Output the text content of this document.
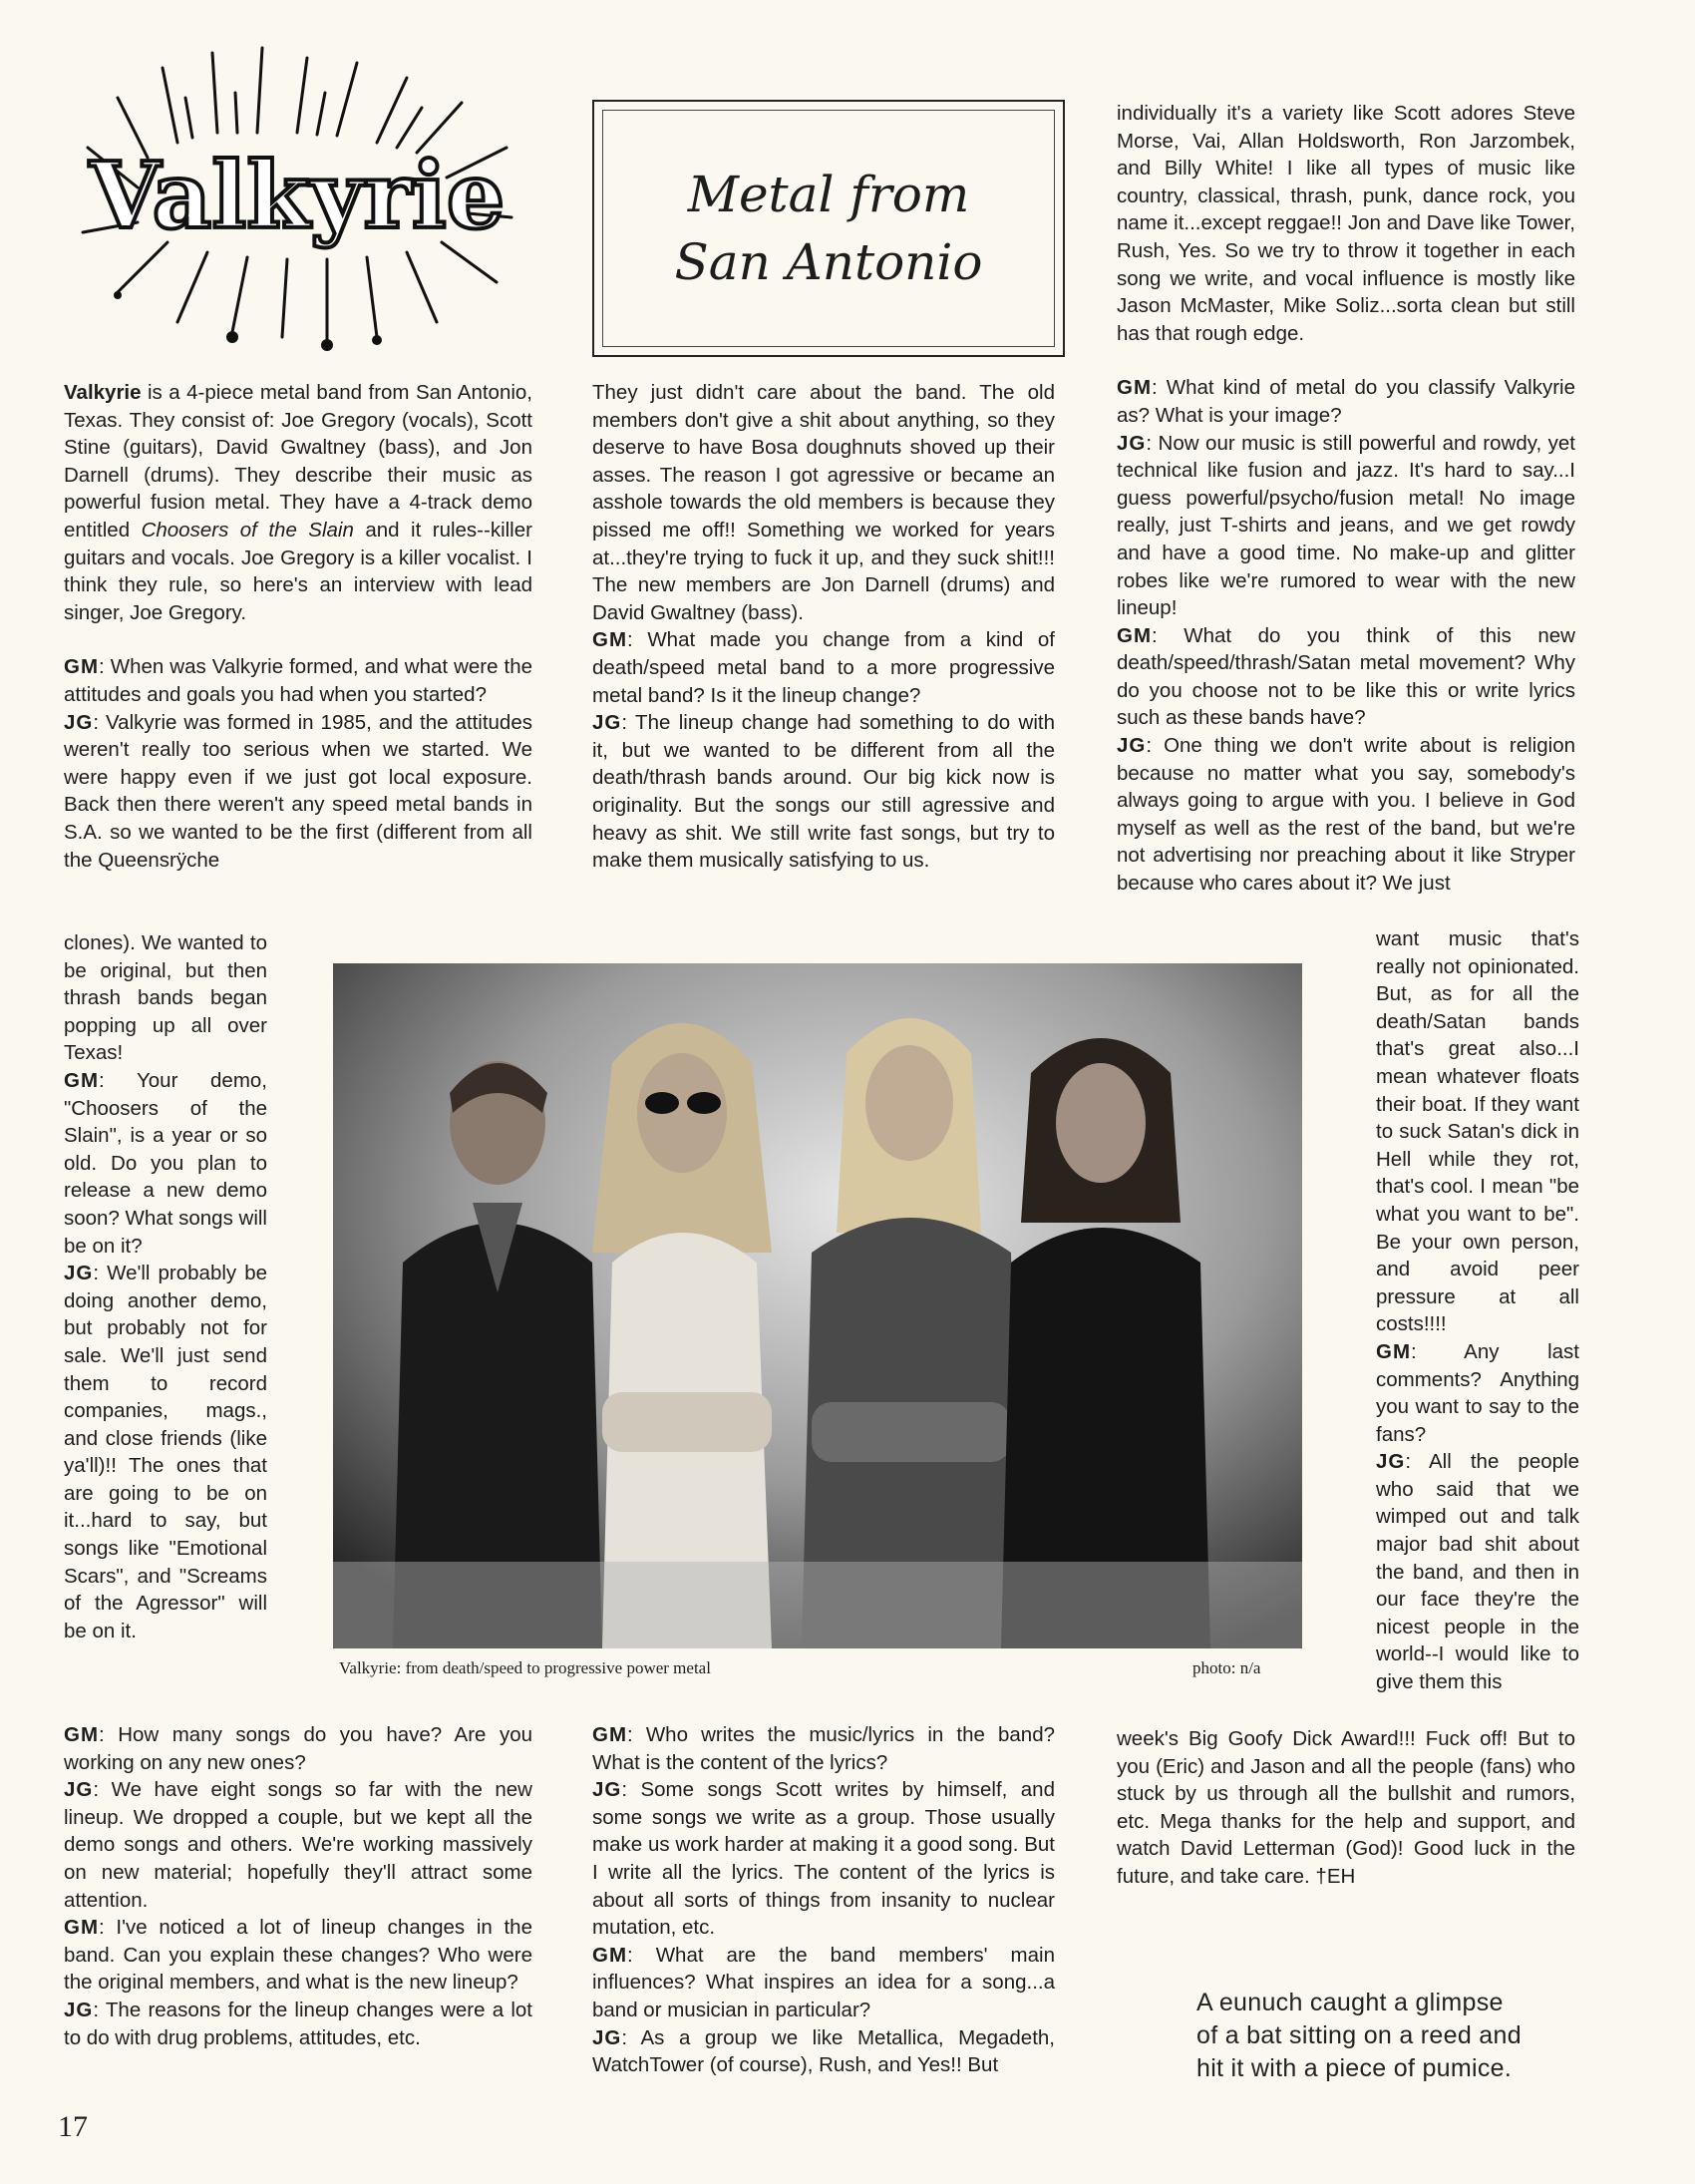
Valkyrie	Metal from
San Antonio

Valkyrie is a 4-piece metal band from San Antonio, Texas. They consist of: Joe Gregory (vocals), Scott Stine (guitars), David Gwaltney (bass), and Jon Darnell (drums). They describe their music as powerful fusion metal. They have a 4-track demo entitled Choosers of the Slain and it rules--killer guitars and vocals. Joe Gregory is a killer vocalist. I think they rule, so here's an interview with lead singer, Joe Gregory.

GM: When was Valkyrie formed, and what were the attitudes and goals you had when you started?

JG: Valkyrie was formed in 1985, and the attitudes weren't really too serious when we started. We were happy even if we just got local exposure. Back then there weren't any speed metal bands in S.A. so we wanted to be the first (different from all the Queensrÿche

clones). We wanted to be original, but then thrash bands began popping up all over Texas!

GM: Your demo, "Choosers of the Slain", is a year or so old. Do you plan to release a new demo soon? What songs will be on it?

JG: We'll probably be doing another demo, but probably not for sale. We'll just send them to record companies, mags., and close friends (like ya'll)!! The ones that are going to be on it...hard to say, but songs like "Emotional Scars", and "Screams of the Agressor" will be on it.

GM: How many songs do you have? Are you working on any new ones?

JG: We have eight songs so far with the new lineup. We dropped a couple, but we kept all the demo songs and others. We're working massively on new material; hopefully they'll attract some attention.

GM: I've noticed a lot of lineup changes in the band. Can you explain these changes? Who were the original members, and what is the new lineup?

JG: The reasons for the lineup changes were a lot to do with drug problems, attitudes, etc.

They just didn't care about the band. The old members don't give a shit about anything, so they deserve to have Bosa doughnuts shoved up their asses. The reason I got agressive or became an asshole towards the old members is because they pissed me off!! Something we worked for years at...they're trying to fuck it up, and they suck shit!!! The new members are Jon Darnell (drums) and David Gwaltney (bass).

GM: What made you change from a kind of death/speed metal band to a more progressive metal band? Is it the lineup change?

JG: The lineup change had something to do with it, but we wanted to be different from all the death/thrash bands around. Our big kick now is originality. But the songs our still agressive and heavy as shit. We still write fast songs, but try to make them musically satisfying to us.

GM: Who writes the music/lyrics in the band? What is the content of the lyrics?

JG: Some songs Scott writes by himself, and some songs we write as a group. Those usually make us work harder at making it a good song. But I write all the lyrics. The content of the lyrics is about all sorts of things from insanity to nuclear mutation, etc.

GM: What are the band members' main influences? What inspires an idea for a song...a band or musician in particular?

JG: As a group we like Metallica, Megadeth, WatchTower (of course), Rush, and Yes!! But

individually it's a variety like Scott adores Steve Morse, Vai, Allan Holdsworth, Ron Jarzombek, and Billy White! I like all types of music like country, classical, thrash, punk, dance rock, you name it...except reggae!! Jon and Dave like Tower, Rush, Yes. So we try to throw it together in each song we write, and vocal influence is mostly like Jason McMaster, Mike Soliz...sorta clean but still has that rough edge.

GM: What kind of metal do you classify Valkyrie as? What is your image?

JG: Now our music is still powerful and rowdy, yet technical like fusion and jazz. It's hard to say...I guess powerful/psycho/fusion metal! No image really, just T-shirts and jeans, and we get rowdy and have a good time. No make-up and glitter robes like we're rumored to wear with the new lineup!

GM: What do you think of this new death/speed/thrash/Satan metal movement? Why do you choose not to be like this or write lyrics such as these bands have?

JG: One thing we don't write about is religion because no matter what you say, somebody's always going to argue with you. I believe in God myself as well as the rest of the band, but we're not advertising nor preaching about it like Stryper because who cares about it? We just

want music that's really not opinionated. But, as for all the death/Satan bands that's great also...I mean whatever floats their boat. If they want to suck Satan's dick in Hell while they rot, that's cool. I mean "be what you want to be". Be your own person, and avoid peer pressure at all costs!!!!

GM: Any last comments? Anything you want to say to the fans?

JG: All the people who said that we wimped out and talk major bad shit about the band, and then in our face they're the nicest people in the world--I would like to give them this

week's Big Goofy Dick Award!!! Fuck off! But to you (Eric) and Jason and all the people (fans) who stuck by us through all the bullshit and rumors, etc. Mega thanks for the help and support, and watch David Letterman (God)! Good luck in the future, and take care. †EH

Valkyrie: from death/speed to progressive power metal	photo: n/a
A eunuch caught a glimpse
of a bat sitting on a reed and
hit it with a piece of pumice.
17
